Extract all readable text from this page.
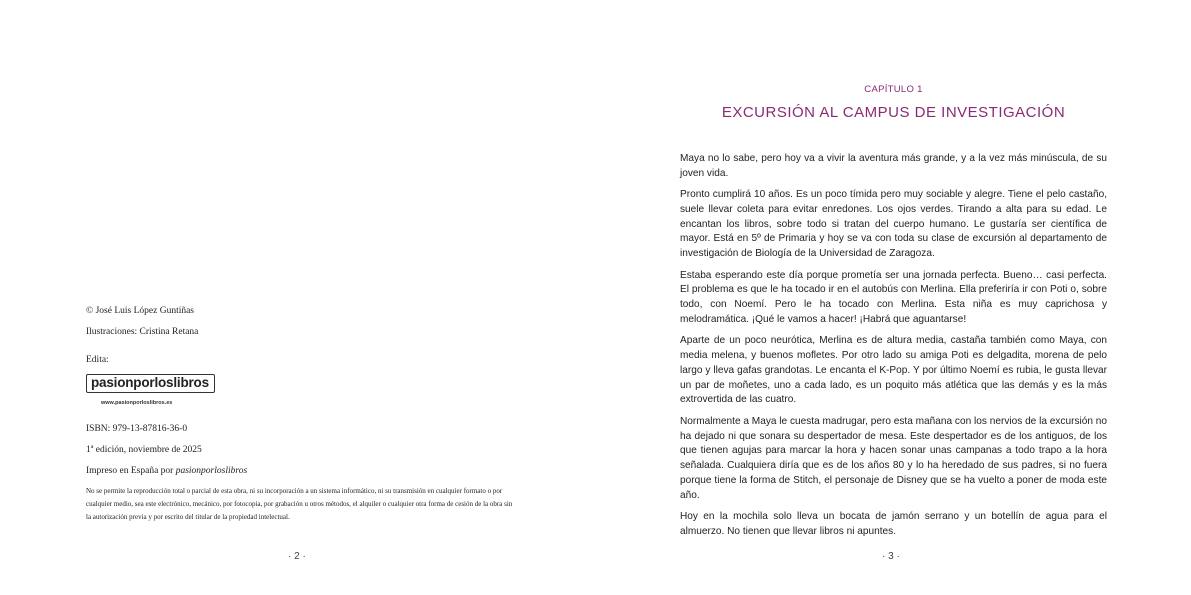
© José Luis López Guntiñas
Ilustraciones: Cristina Retana
Edita:
pasionporloslibros
www.pasionporloslibros.es
ISBN: 979-13-87816-36-0
1ª edición, noviembre de 2025
Impreso en España por pasionporloslibros
No se permite la reproducción total o parcial de esta obra, ni su incorporación a un sistema informático, ni su transmisión en cualquier formato o por cualquier medio, sea este electrónico, mecánico, por fotocopia, por grabación u otros métodos, el alquiler o cualquier otra forma de cesión de la obra sin la autorización previa y por escrito del titular de la propiedad intelectual.
· 2 ·
CAPÍTULO 1
EXCURSIÓN AL CAMPUS DE INVESTIGACIÓN

Maya no lo sabe, pero hoy va a vivir la aventura más grande, y a la vez más minúscula, de su joven vida.

Pronto cumplirá 10 años. Es un poco tímida pero muy sociable y alegre. Tiene el pelo castaño, suele llevar coleta para evitar enredones. Los ojos verdes. Tirando a alta para su edad. Le encantan los libros, sobre todo si tratan del cuerpo humano. Le gustaría ser científica de mayor. Está en 5º de Primaria y hoy se va con toda su clase de excursión al departamento de investigación de Biología de la Universidad de Zaragoza.

Estaba esperando este día porque prometía ser una jornada perfecta. Bueno… casi perfecta. El problema es que le ha tocado ir en el autobús con Merlina. Ella preferiría ir con Poti o, sobre todo, con Noemí. Pero le ha tocado con Merlina. Esta niña es muy caprichosa y melodramática. ¡Qué le vamos a hacer! ¡Habrá que aguantarse!

Aparte de un poco neurótica, Merlina es de altura media, castaña también como Maya, con media melena, y buenos mofletes. Por otro lado su amiga Poti es delgadita, morena de pelo largo y lleva gafas grandotas. Le encanta el K-Pop. Y por último Noemí es rubia, le gusta llevar un par de moñetes, uno a cada lado, es un poquito más atlética que las demás y es la más extrovertida de las cuatro.

Normalmente a Maya le cuesta madrugar, pero esta mañana con los nervios de la excursión no ha dejado ni que sonara su despertador de mesa. Este despertador es de los antiguos, de los que tienen agujas para marcar la hora y hacen sonar unas campanas a todo trapo a la hora señalada. Cualquiera diría que es de los años 80 y lo ha heredado de sus padres, si no fuera porque tiene la forma de Stitch, el personaje de Disney que se ha vuelto a poner de moda este año.

Hoy en la mochila solo lleva un bocata de jamón serrano y un botellín de agua para el almuerzo. No tienen que llevar libros ni apuntes.

· 3 ·
